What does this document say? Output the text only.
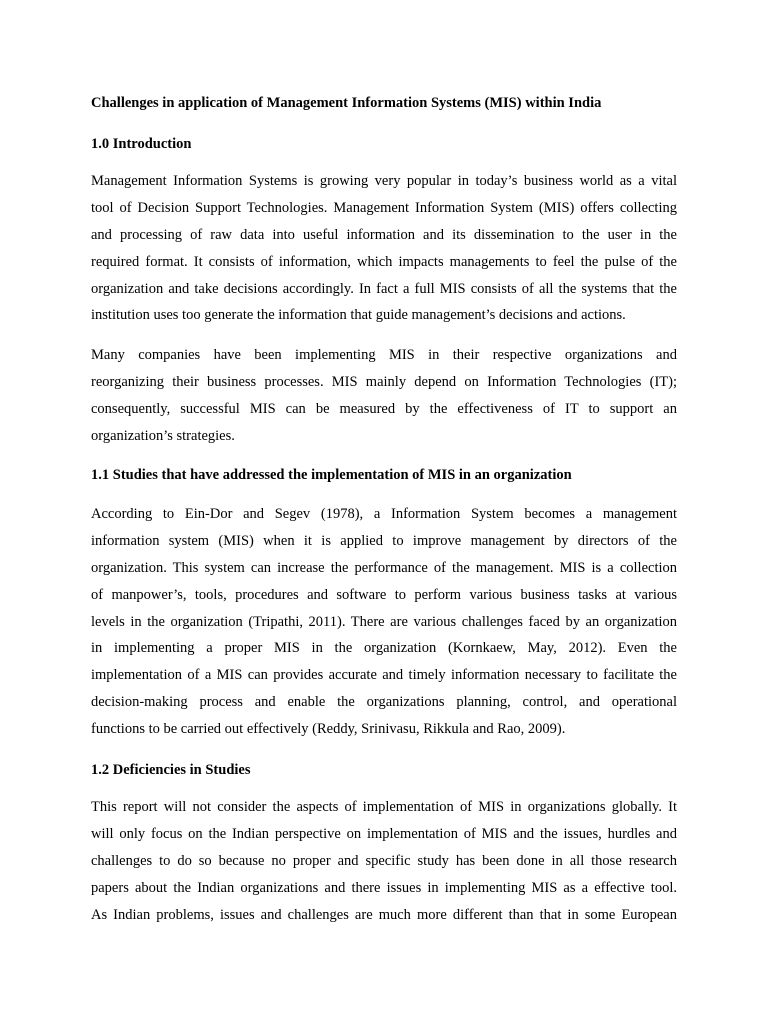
Challenges in application of Management Information Systems (MIS) within India
1.0 Introduction
Management Information Systems is growing very popular in today’s business world as a vital
tool of Decision Support Technologies. Management Information System (MIS) offers collecting
and processing of raw data into useful information and its dissemination to the user in the
required format. It consists of information, which impacts managements to feel the pulse of the
organization and take decisions accordingly. In fact a full MIS consists of all the systems that the
institution uses too generate the information that guide management’s decisions and actions.
Many companies have been implementing MIS in their respective organizations and
reorganizing their business processes. MIS mainly depend on Information Technologies (IT);
consequently, successful MIS can be measured by the effectiveness of IT to support an
organization’s strategies.
1.1 Studies that have addressed the implementation of MIS in an organization
According to Ein-Dor and Segev (1978), a Information System becomes a management
information system (MIS) when it is applied to improve management by directors of the
organization. This system can increase the performance of the management. MIS is a collection
of manpower’s, tools, procedures and software to perform various business tasks at various
levels in the organization (Tripathi, 2011). There are various challenges faced by an organization
in implementing a proper MIS in the organization (Kornkaew, May, 2012). Even the
implementation of a MIS can provides accurate and timely information necessary to facilitate the
decision-making process and enable the organizations planning, control, and operational
functions to be carried out effectively (Reddy, Srinivasu, Rikkula and Rao, 2009).
1.2 Deficiencies in Studies
This report will not consider the aspects of implementation of MIS in organizations globally. It
will only focus on the Indian perspective on implementation of MIS and the issues, hurdles and
challenges to do so because no proper and specific study has been done in all those research
papers about the Indian organizations and there issues in implementing MIS as a effective tool.
As Indian problems, issues and challenges are much more different than that in some European
